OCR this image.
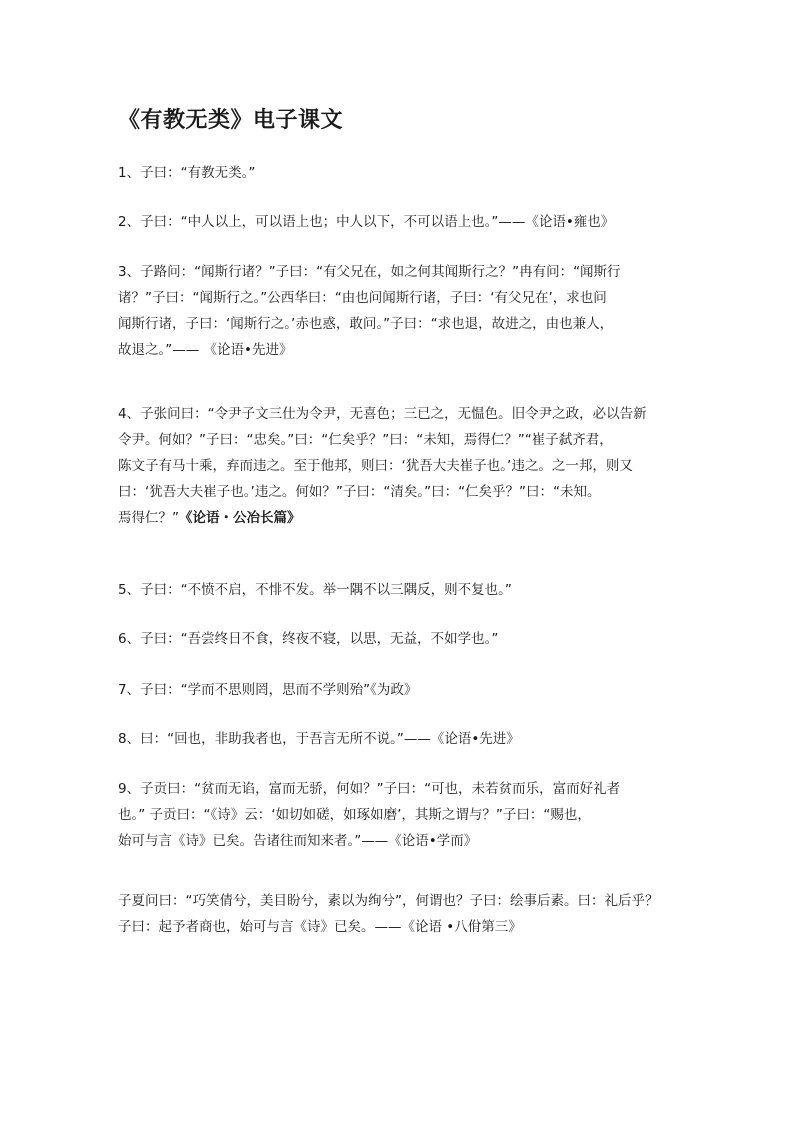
《有教无类》电子课文
1、子曰：“有教无类。”
2、子曰：“中人以上，可以语上也；中人以下，不可以语上也。”——《论语•雍也》
3、子路问：“闻斯行诸？”子曰：“有父兄在，如之何其闻斯行之？”冉有问：“闻斯行
诸？”子曰：“闻斯行之。”公西华曰：“由也问闻斯行诸，子曰：‘有父兄在’，求也问
闻斯行诸，子曰：‘闻斯行之。’赤也惑，敢问。”子曰：“求也退，故进之，由也兼人，
故退之。”—— 《论语•先进》
4、子张问曰：“令尹子文三仕为令尹，无喜色；三已之，无愠色。旧令尹之政，必以告新
令尹。何如？”子曰：“忠矣。”曰：“仁矣乎？”曰：“未知，焉得仁？”“崔子弑齐君，
陈文子有马十乘，弃而违之。至于他邦，则曰：‘犹吾大夫崔子也。’违之。之一邦，则又
曰：‘犹吾大夫崔子也。’违之。何如？”子曰：“清矣。”曰：“仁矣乎？”曰：“未知。
焉得仁？”《论语・公冶长篇》
5、子曰：“不愤不启，不悱不发。举一隅不以三隅反，则不复也。”
6、子曰：“吾尝终日不食，终夜不寝，以思，无益，不如学也。”
7、子曰：“学而不思则罔，思而不学则殆”《为政》
8、曰：“回也，非助我者也，于吾言无所不说。”——《论语•先进》
9、子贡曰：“贫而无谄，富而无骄，何如？”子曰：“可也，未若贫而乐，富而好礼者
也。” 子贡曰：“《诗》云：‘如切如磋，如琢如磨’，其斯之谓与？”子曰：“赐也，
始可与言《诗》已矣。告诸往而知来者。”——《论语•学而》
子夏问曰：“巧笑倩兮，美目盼兮，素以为绚兮”，何谓也？子曰：绘事后素。曰：礼后乎？
子曰：起予者商也，始可与言《诗》已矣。——《论语 •八佾第三》
